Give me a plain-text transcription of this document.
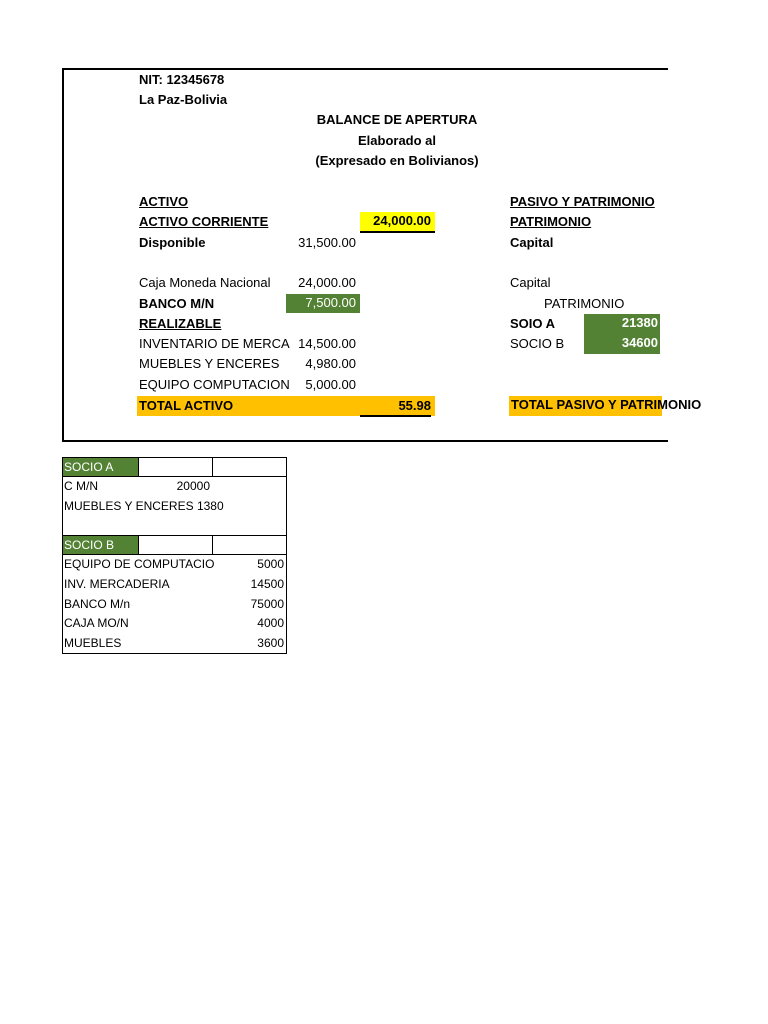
NIT: 12345678
La Paz-Bolivia
BALANCE DE APERTURA
Elaborado al
(Expresado en Bolivianos)
ACTIVO
ACTIVO CORRIENTE	24,000.00
Disponible	31,500.00
Caja Moneda Nacional	24,000.00
BANCO M/N	7,500.00
REALIZABLE
INVENTARIO DE MERCA 14,500.00
MUEBLES Y ENCERES	4,980.00
EQUIPO COMPUTACION	5,000.00
TOTAL ACTIVO	55.98
PASIVO Y PATRIMONIO
PATRIMONIO
Capital
Capital
PATRIMONIO
SOIO A	21380
SOCIO B	34600
TOTAL PASIVO Y PATRIMONIO
SOCIO A
C M/N	20000
MUEBLES Y ENCERES 1380
SOCIO B
EQUIPO DE COMPUTACIO	5000
INV. MERCADERIA	14500
BANCO M/n	75000
CAJA MO/N	4000
MUEBLES	3600
